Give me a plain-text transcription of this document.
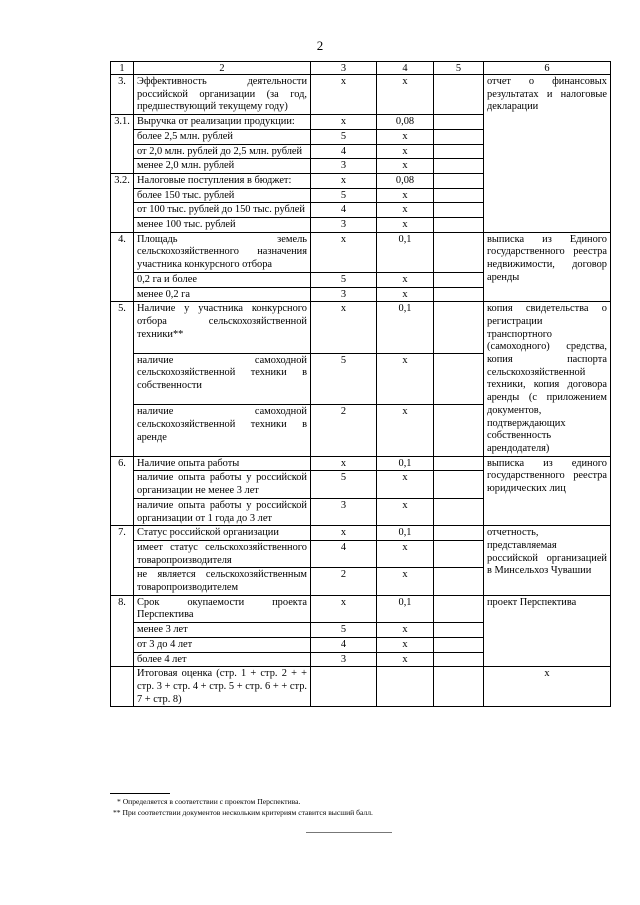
2
1	2	3	4	5	6
3.	Эффективность деятельности российской организации (за год, предшествующий текущему году)	х	х		отчет о финансовых результатах и налоговые декларации
3.1.	Выручка от реализации продукции:	х	0,08		
	более 2,5 млн. рублей	5	х		
	от 2,0 млн. рублей до 2,5 млн. рублей	4	х		
	менее 2,0 млн. рублей	3	х		
3.2.	Налоговые поступления в бюджет:	х	0,08		
	более 150 тыс. рублей	5	х		
	от 100 тыс. рублей до 150 тыс. рублей	4	х		
	менее 100 тыс. рублей	3	х		
4.	Площадь земель сельскохозяйственного назначения участника конкурсного отбора	х	0,1		выписка из Единого государственного реестра недвижимости, договор аренды
	0,2 га и более	5	х		
	менее 0,2 га	3	х		
5.	Наличие у участника конкурсного отбора сельскохозяйственной техники**	х	0,1		копия свидетельства о регистрации транспортного (самоходного) средства, копия паспорта сельскохозяйственной техники, копия договора аренды (с приложением документов, подтверждающих собственность арендодателя)
	наличие самоходной сельскохозяйственной техники в собственности	5	х		
	наличие самоходной сельскохозяйственной техники в аренде	2	х		
6.	Наличие опыта работы	х	0,1		выписка из единого государственного реестра юридических лиц
	наличие опыта работы у российской организации не менее 3 лет	5	х		
	наличие опыта работы у российской организации от 1 года до 3 лет	3	х		
7.	Статус российской организации	х	0,1		отчетность, представляемая российской организацией в Минсельхоз Чувашии
	имеет статус сельскохозяйственного товаропроизводителя	4	х		
	не является сельскохозяйственным товаропроизводителем	2	х		
8.	Срок окупаемости проекта Перспектива	х	0,1		проект Перспектива
	менее 3 лет	5	х		
	от 3 до 4 лет	4	х		
	более 4 лет	3	х		
	Итоговая оценка (стр. 1 + стр. 2 + + стр. 3 + стр. 4 + стр. 5 + стр. 6 + + стр. 7 + стр. 8)				х
* Определяется в соответствии с проектом Перспектива.
** При соответствии документов нескольким критериям ставится высший балл.
